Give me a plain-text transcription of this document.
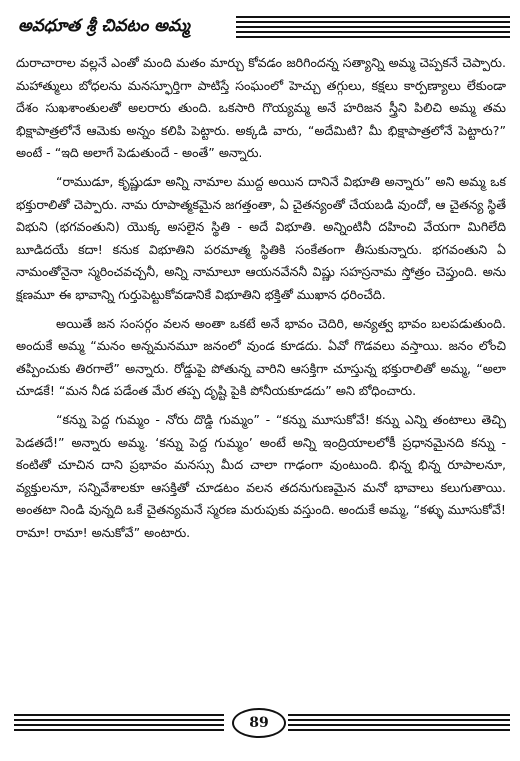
అవధూత శ్రీ చివటం అమ్మ

దురాచారాల వల్లనే ఎంతో మంది మతం మార్చు కోవడం జరిగిందన్న సత్యాన్ని అమ్మ చెప్పకనే చెప్పారు. మహాత్ములు బోధలను మనస్ఫూర్తిగా పాటిస్తే సంఘంలో హెచ్చు తగ్గులు, కక్షలు కార్పణ్యాలు లేకుండా దేశం సుఖశాంతులతో అలరారు తుంది. ఒకసారి గొయ్యమ్మ అనే హరిజన స్త్రీని పిలిచి అమ్మ తమ భిక్షాపాత్రలోనే ఆమెకు అన్నం కలిపి పెట్టారు. అక్కడి వారు, “అదేమిటి? మీ భిక్షాపాత్రలోనే పెట్టారు?” అంటే - “ఇది అలాగే పెడుతుందే - అంతే” అన్నారు.

“రాముడూ, కృష్ణుడూ అన్ని నామాల ముద్ద అయిన దానినే విభూతి అన్నారు” అని అమ్మ ఒక భక్తురాలితో చెప్పారు. నామ రూపాత్మకమైన జగత్తంతా, ఏ చైతన్యంతో చేయబడి వుందో, ఆ చైతన్య స్థితే విభుని (భగవంతుని) యొక్క అసలైన స్థితి - అదే విభూతి. అన్నింటినీ దహించి వేయగా మిగిలేది బూడిదయే కదా! కనుక విభూతిని పరమాత్మ స్థితికి సంకేతంగా తీసుకున్నారు. భగవంతుని ఏ నామంతోనైనా స్మరించవచ్చనీ, అన్ని నామాలూ ఆయనవేననీ విష్ణు సహస్రనామ స్తోత్రం చెప్తుంది. అను క్షణమూ ఈ భావాన్ని గుర్తుపెట్టుకోవడానికే విభూతిని భక్తితో ముఖాన ధరించేది.

అయితే జన సంసర్గం వలన అంతా ఒకటే అనే భావం చెదిరి, అన్యత్వ భావం బలపడుతుంది. అందుకే అమ్మ “మనం అన్నమనమూ జనంలో వుండ కూడదు. ఏవో గొడవలు వస్తాయి. జనం లోంచి తప్పించుకు తిరగాలే” అన్నారు. రోడ్డుపై పోతున్న వారిని ఆసక్తిగా చూస్తున్న భక్తురాలితో అమ్మ, “అలా చూడకే! “మన నీడ పడేంత మేర తప్ప దృష్టి పైకి పోనీయకూడదు” అని బోధించారు.

“కన్ను పెద్ద గుమ్మం - నోరు దొడ్డి గుమ్మం” - “కన్ను మూసుకోవే! కన్ను ఎన్ని తంటాలు తెచ్చి పెడతదే!” అన్నారు అమ్మ. ‘కన్ను పెద్ద గుమ్మం’ అంటే అన్ని ఇంద్రియాలలోకీ ప్రధానమైనది కన్ను - కంటితో చూచిన దాని ప్రభావం మనస్సు మీద చాలా గాఢంగా వుంటుంది. భిన్న భిన్న రూపాలనూ, వ్యక్తులనూ, సన్నివేశాలకూ ఆసక్తితో చూడటం వలన తదనుగుణమైన మనో భావాలు కలుగుతాయి. అంతటా నిండి వున్నది ఒకే చైతన్యమనే స్మరణ మరుపుకు వస్తుంది. అందుకే అమ్మ, “కళ్ళు మూసుకోవే! రామా! రామా! అనుకోవే” అంటారు.

89
